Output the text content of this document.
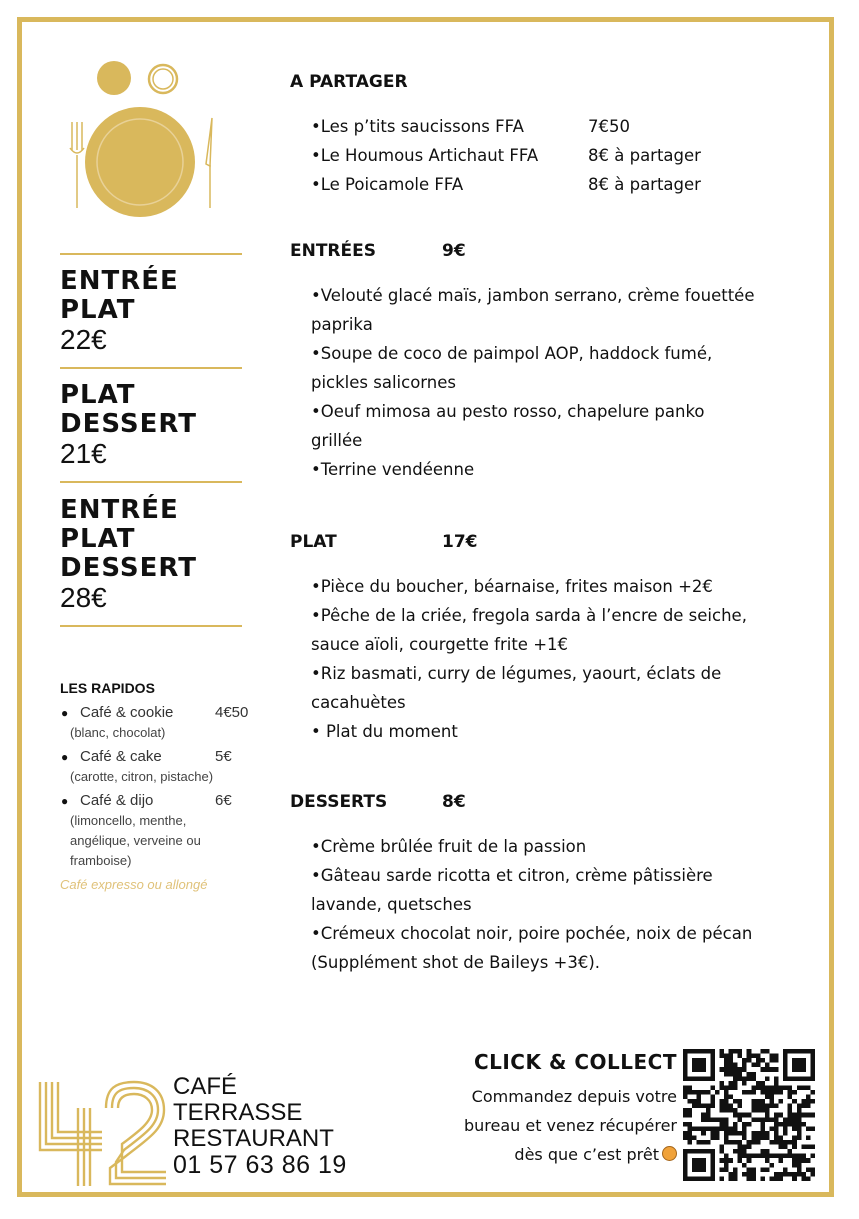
ENTRÉE
PLAT
22€
PLAT
DESSERT
21€
ENTRÉE
PLAT
DESSERT
28€
LES RAPIDOS
● Café & cookie	4€50
(blanc, chocolat)
● Café & cake	5€
(carotte, citron, pistache)
● Café & dijo	6€
(limoncello, menthe,
angélique, verveine ou
framboise)
Café expresso ou allongé
A PARTAGER
•Les p’tits saucissons FFA	7€50
•Le Houmous Artichaut FFA	8€ à partager
•Le Poicamole FFA	8€ à partager
ENTRÉES	9€
•Velouté glacé maïs, jambon serrano, crème fouettée
paprika
•Soupe de coco de paimpol AOP, haddock fumé,
pickles salicornes
•Oeuf mimosa au pesto rosso, chapelure panko
grillée
•Terrine vendéenne
PLAT	17€
•Pièce du boucher, béarnaise, frites maison +2€
•Pêche de la criée, fregola sarda à l’encre de seiche,
sauce aïoli, courgette frite +1€
•Riz basmati, curry de légumes, yaourt, éclats de
cacahuètes
• Plat du moment
DESSERTS	8€
•Crème brûlée fruit de la passion
•Gâteau sarde ricotta et citron, crème pâtissière
lavande, quetsches
•Crémeux chocolat noir, poire pochée, noix de pécan
(Supplément shot de Baileys +3€).
CLICK & COLLECT
Commandez depuis votre
bureau et venez récupérer
dès que c’est prêt
CAFÉ
TERRASSE
RESTAURANT
01 57 63 86 19
